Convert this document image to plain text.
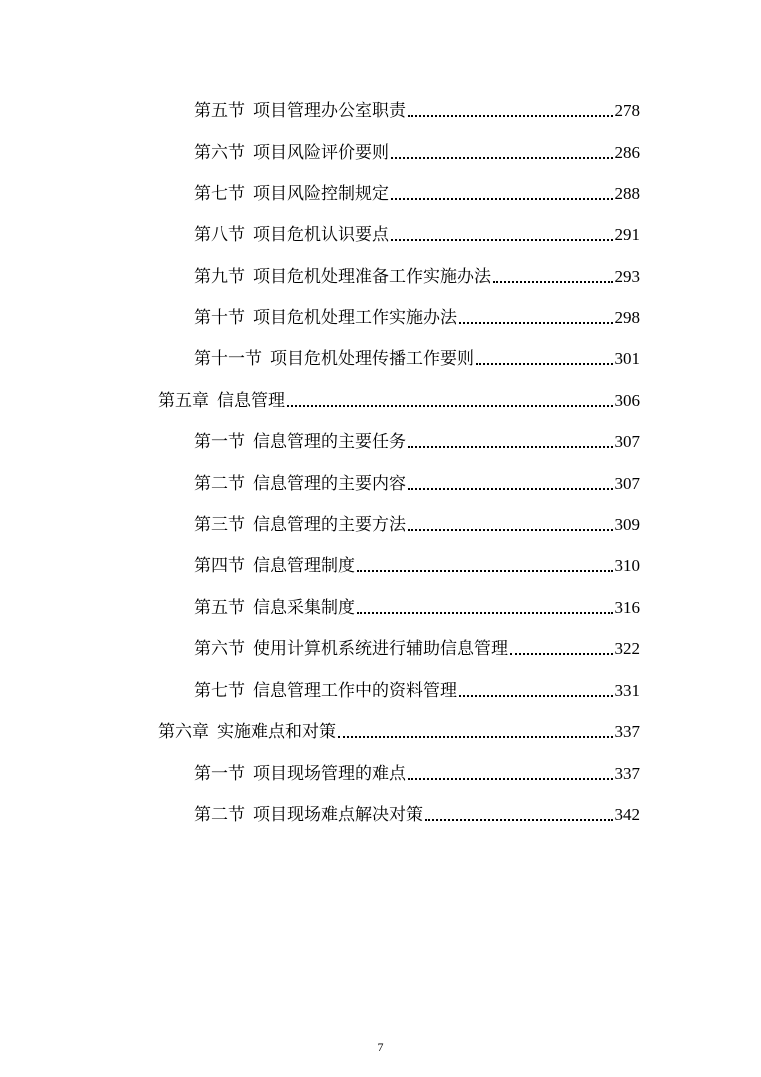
第五节 项目管理办公室职责	278
第六节 项目风险评价要则	286
第七节 项目风险控制规定	288
第八节 项目危机认识要点	291
第九节 项目危机处理准备工作实施办法	293
第十节 项目危机处理工作实施办法	298
第十一节 项目危机处理传播工作要则	301
第五章 信息管理	306
第一节 信息管理的主要任务	307
第二节 信息管理的主要内容	307
第三节 信息管理的主要方法	309
第四节 信息管理制度	310
第五节 信息采集制度	316
第六节 使用计算机系统进行辅助信息管理	322
第七节 信息管理工作中的资料管理	331
第六章 实施难点和对策	337
第一节 项目现场管理的难点	337
第二节 项目现场难点解决对策	342
7
